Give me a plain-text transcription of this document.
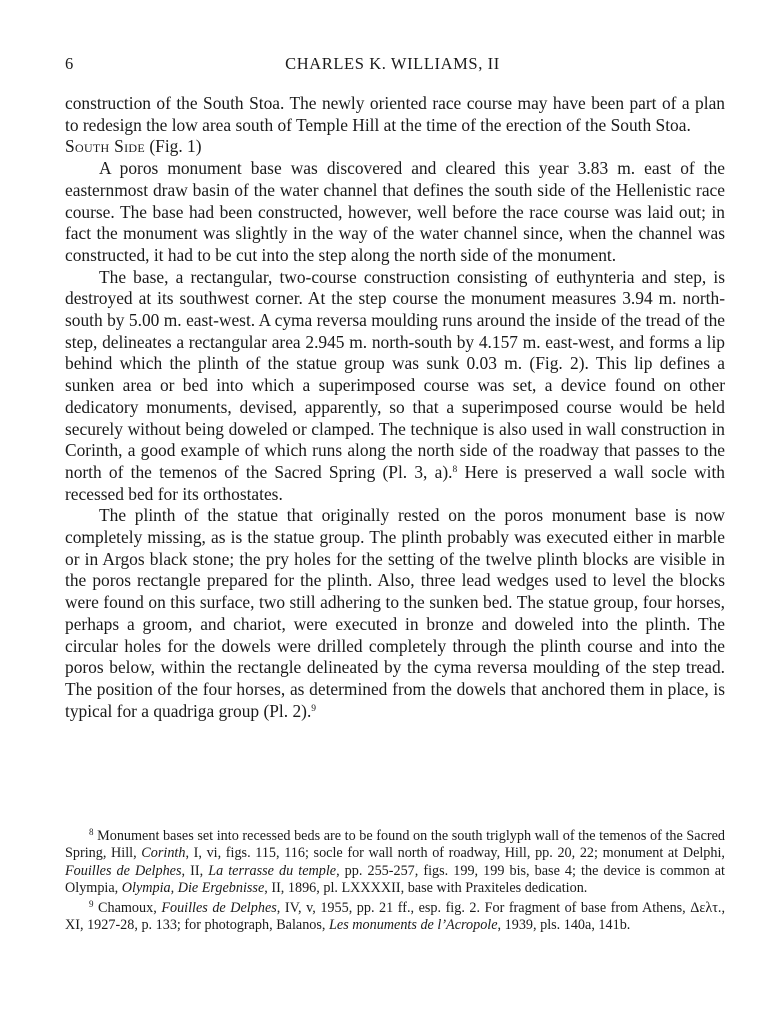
6	CHARLES K. WILLIAMS, II

construction of the South Stoa. The newly oriented race course may have been part of a plan to redesign the low area south of Temple Hill at the time of the erection of the South Stoa.

South Side (Fig. 1)

A poros monument base was discovered and cleared this year 3.83 m. east of the easternmost draw basin of the water channel that defines the south side of the Hellenistic race course. The base had been constructed, however, well before the race course was laid out; in fact the monument was slightly in the way of the water channel since, when the channel was constructed, it had to be cut into the step along the north side of the monument.

The base, a rectangular, two-course construction consisting of euthynteria and step, is destroyed at its southwest corner. At the step course the monument measures 3.94 m. north-south by 5.00 m. east-west. A cyma reversa moulding runs around the inside of the tread of the step, delineates a rectangular area 2.945 m. north-south by 4.157 m. east-west, and forms a lip behind which the plinth of the statue group was sunk 0.03 m. (Fig. 2). This lip defines a sunken area or bed into which a superimposed course was set, a device found on other dedicatory monuments, devised, apparently, so that a superimposed course would be held securely without being doweled or clamped. The technique is also used in wall construction in Corinth, a good example of which runs along the north side of the roadway that passes to the north of the temenos of the Sacred Spring (Pl. 3, a).$^8$ Here is preserved a wall socle with recessed bed for its orthostates.

The plinth of the statue that originally rested on the poros monument base is now completely missing, as is the statue group. The plinth probably was executed either in marble or in Argos black stone; the pry holes for the setting of the twelve plinth blocks are visible in the poros rectangle prepared for the plinth. Also, three lead wedges used to level the blocks were found on this surface, two still adhering to the sunken bed. The statue group, four horses, perhaps a groom, and chariot, were executed in bronze and doweled into the plinth. The circular holes for the dowels were drilled completely through the plinth course and into the poros below, within the rectangle delineated by the cyma reversa moulding of the step tread. The position of the four horses, as determined from the dowels that anchored them in place, is typical for a quadriga group (Pl. 2).$^9$

$^8$ Monument bases set into recessed beds are to be found on the south triglyph wall of the temenos of the Sacred Spring, Hill, Corinth, I, vi, figs. 115, 116; socle for wall north of roadway, Hill, pp. 20, 22; monument at Delphi, Fouilles de Delphes, II, La terrasse du temple, pp. 255-257, figs. 199, 199 bis, base 4; the device is common at Olympia, Olympia, Die Ergebnisse, II, 1896, pl. LXXXXII, base with Praxiteles dedication.

$^9$ Chamoux, Fouilles de Delphes, IV, v, 1955, pp. 21 ff., esp. fig. 2. For fragment of base from Athens, Δελτ., XI, 1927-28, p. 133; for photograph, Balanos, Les monuments de l’Acropole, 1939, pls. 140a, 141b.
